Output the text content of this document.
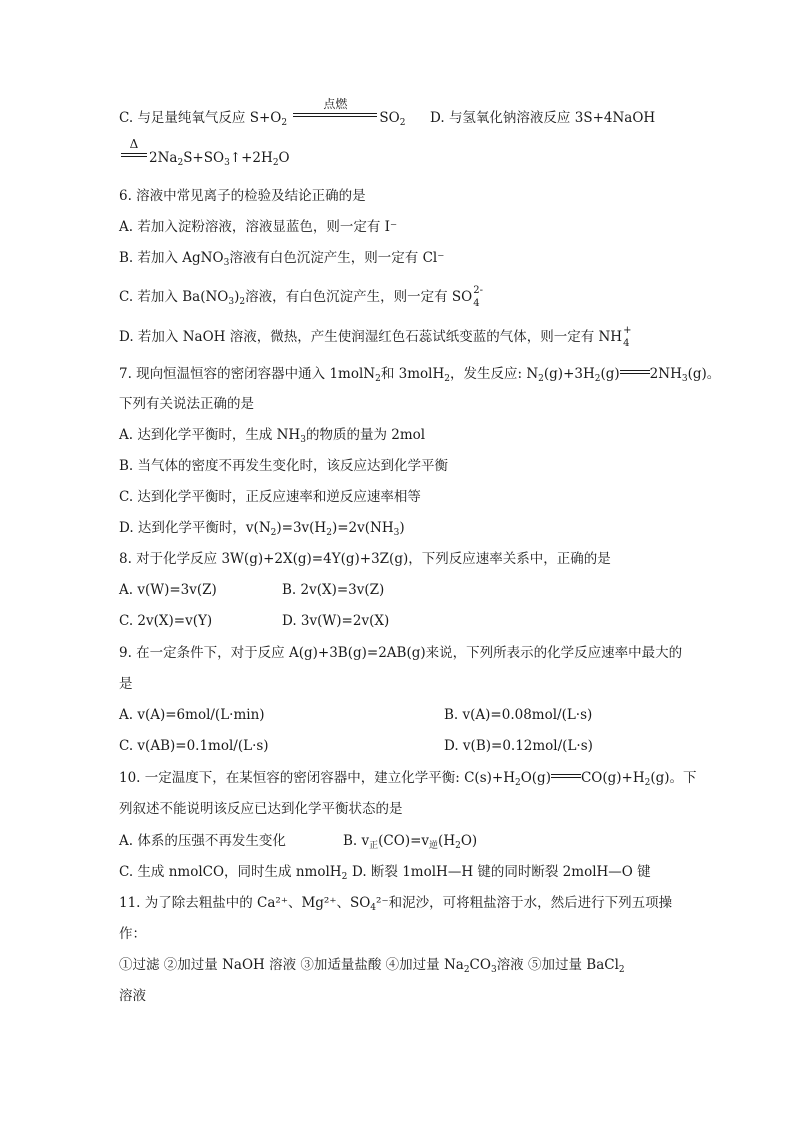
C. 与足量纯氧气反应 $S+O_2$
点燃
$SO_2$ D. 与氢氧化钠溶液反应 3S+4NaOH
Δ
$2Na_2S+SO_3↑+2H_2O$
6. 溶液中常见离子的检验及结论正确的是
A. 若加入淀粉溶液，溶液显蓝色，则一定有 I⁻
B. 若加入 AgNO$_3$溶液有白色沉淀产生，则一定有 Cl⁻
C. 若加入 $Ba(NO_3)_2$溶液，有白色沉淀产生，则一定有 SO 2-
4
D. 若加入 NaOH 溶液，微热，产生使润湿红色石蕊试纸变蓝的气体，则一定有 NH +
4
7. 现向恒温恒容的密闭容器中通入 1molN$_2$和 3molH$_2$，发生反应: $N_2(g)+3H_2(g)$ $2NH_3(g)$。
下列有关说法正确的是
A. 达到化学平衡时，生成 $NH_3$的物质的量为 2mol
B. 当气体的密度不再发生变化时，该反应达到化学平衡
C. 达到化学平衡时，正反应速率和逆反应速率相等
D. 达到化学平衡时，$v(N_2)=3v(H_2)=2v(NH_3)$
8. 对于化学反应 3W(g)+2X(g)=4Y(g)+3Z(g)，下列反应速率关系中，正确的是
A. v(W)=3v(Z)	B. 2v(X)=3v(Z)
C. 2v(X)=v(Y)	D. 3v(W)=2v(X)
9. 在一定条件下，对于反应 A(g)+3B(g)=2AB(g)来说，下列所表示的化学反应速率中最大的
是
A. v(A)=6mol/(L·min)	B. v(A)=0.08mol/(L·s)
C. v(AB)=0.1mol/(L·s)	D. v(B)=0.12mol/(L·s)
10. 一定温度下，在某恒容的密闭容器中，建立化学平衡: $C(s)+H_2O(g)$ $CO(g)+H_2(g)$。下
列叙述不能说明该反应已达到化学平衡状态的是
A. 体系的压强不再发生变化	B. $v_正(CO)=v_逆(H_2O)$
C. 生成 nmolCO，同时生成 nmolH$_2$ D. 断裂 1molH—H 键的同时断裂 2molH—O 键
11. 为了除去粗盐中的 Ca²⁺、Mg²⁺、$SO_4^{2-}$和泥沙，可将粗盐溶于水，然后进行下列五项操
作：
①过滤 ②加过量 NaOH 溶液 ③加适量盐酸 ④加过量 $Na_2CO_3$溶液 ⑤加过量 BaCl$_2$
溶液
